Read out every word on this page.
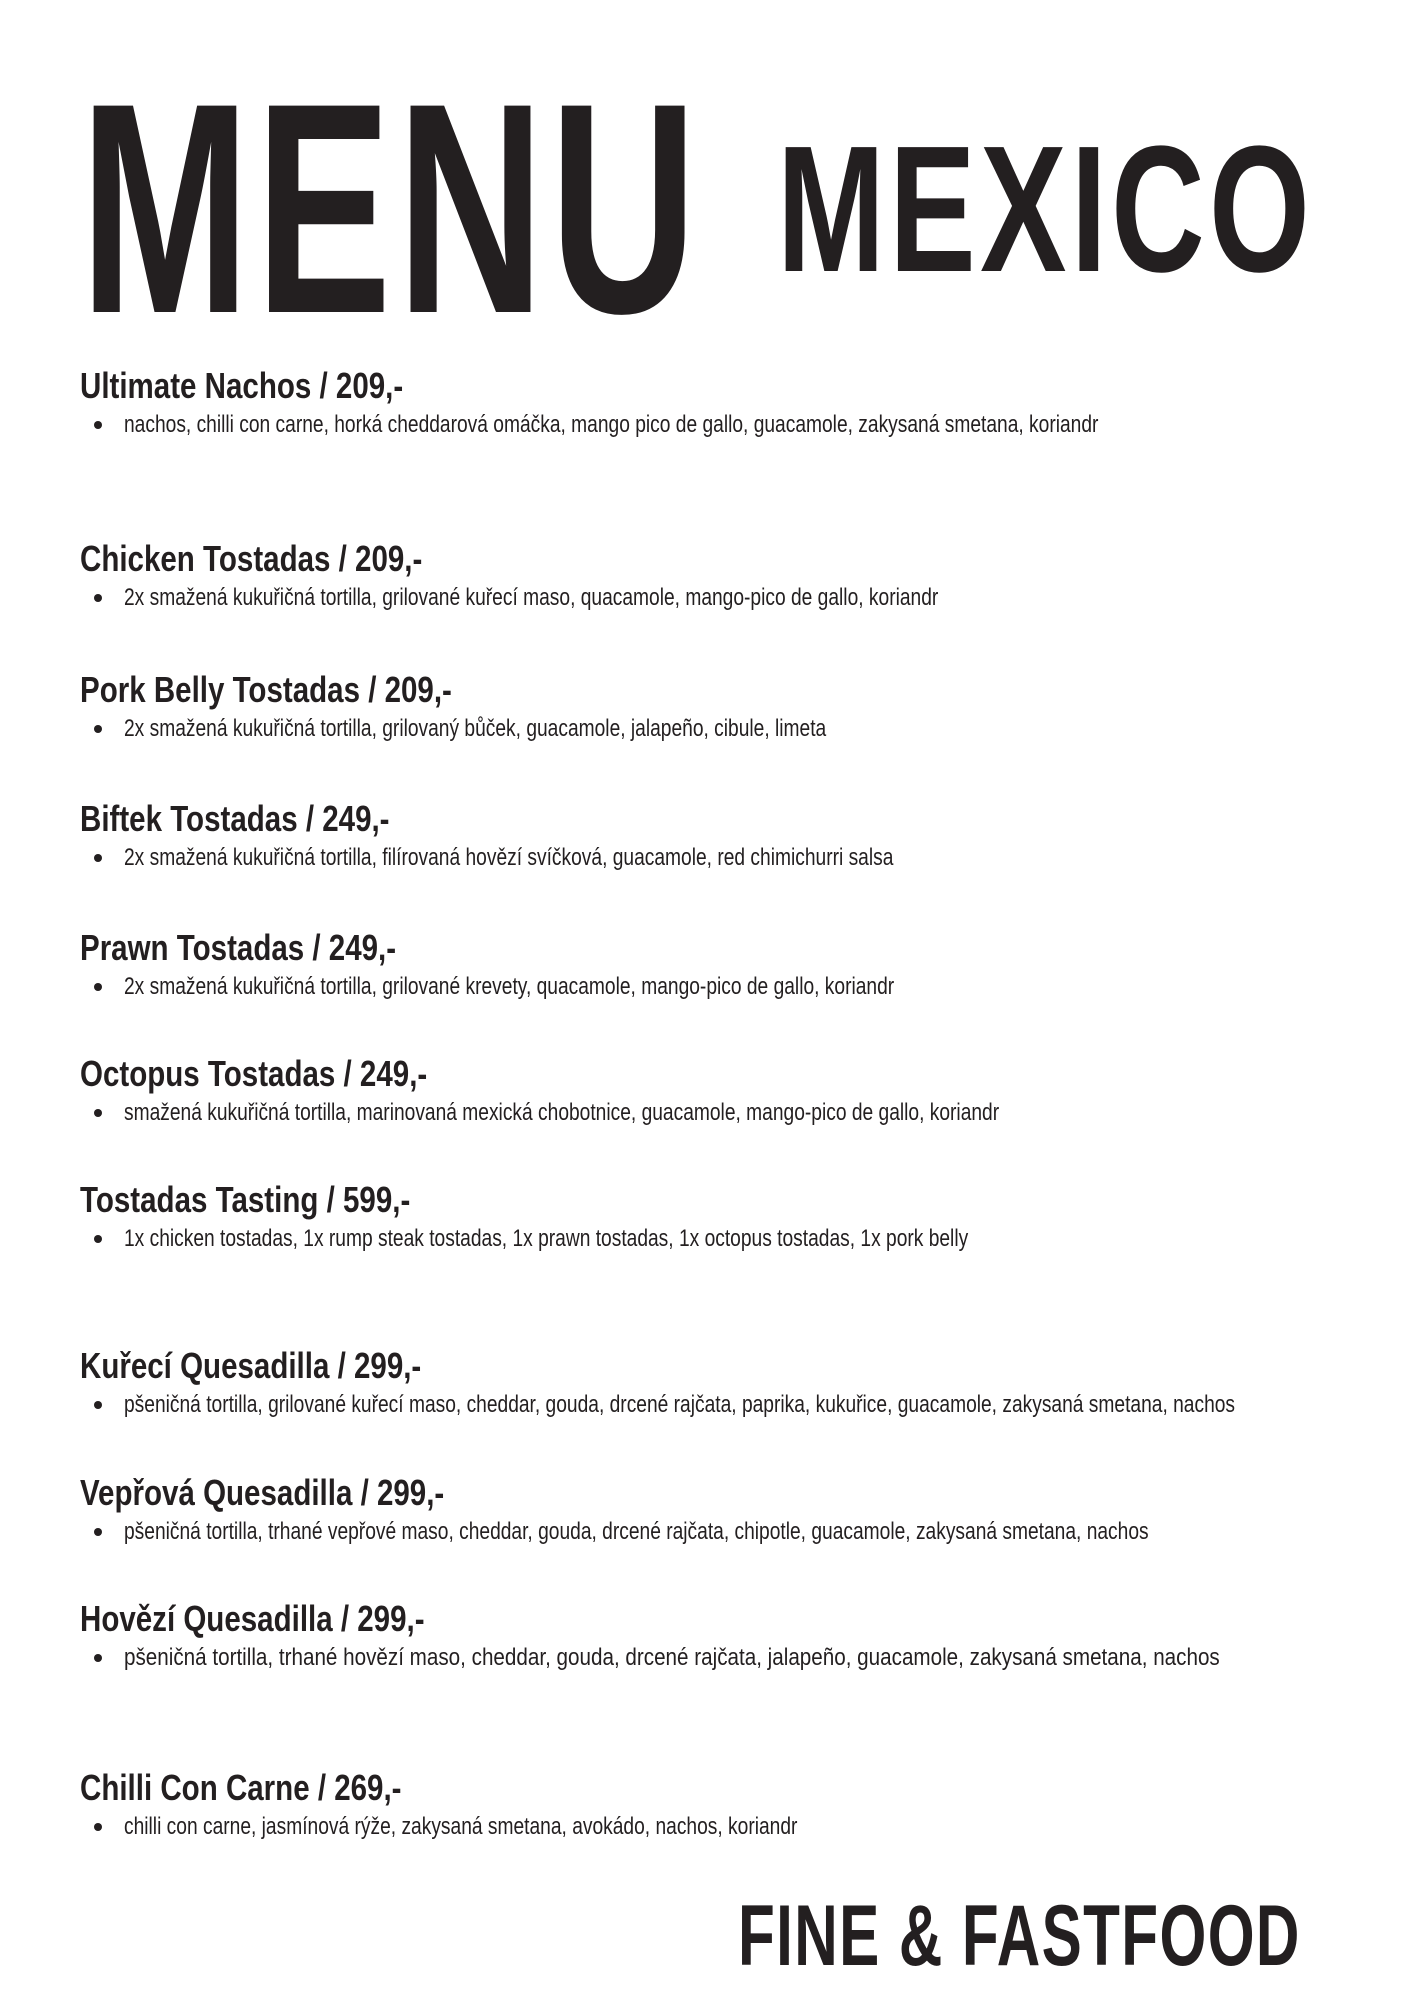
MENU MEXICO
Ultimate Nachos / 209,-
nachos, chilli con carne, horká cheddarová omáčka, mango pico de gallo, guacamole, zakysaná smetana, koriandr
Chicken Tostadas / 209,-
2x smažená kukuřičná tortilla, grilované kuřecí maso, quacamole, mango-pico de gallo, koriandr
Pork Belly Tostadas / 209,-
2x smažená kukuřičná tortilla, grilovaný bůček, guacamole, jalapeño, cibule, limeta
Biftek Tostadas / 249,-
2x smažená kukuřičná tortilla, filírovaná hovězí svíčková, guacamole, red chimichurri salsa
Prawn Tostadas / 249,-
2x smažená kukuřičná tortilla, grilované krevety, quacamole, mango-pico de gallo, koriandr
Octopus Tostadas / 249,-
smažená kukuřičná tortilla, marinovaná mexická chobotnice, guacamole, mango-pico de gallo, koriandr
Tostadas Tasting / 599,-
1x chicken tostadas, 1x rump steak tostadas, 1x prawn tostadas, 1x octopus tostadas, 1x pork belly
Kuřecí Quesadilla / 299,-
pšeničná tortilla, grilované kuřecí maso, cheddar, gouda, drcené rajčata, paprika, kukuřice, guacamole, zakysaná smetana, nachos
Vepřová Quesadilla / 299,-
pšeničná tortilla, trhané vepřové maso, cheddar, gouda, drcené rajčata, chipotle, guacamole, zakysaná smetana, nachos
Hovězí Quesadilla / 299,-
pšeničná tortilla, trhané hovězí maso, cheddar, gouda, drcené rajčata, jalapeño, guacamole, zakysaná smetana, nachos
Chilli Con Carne / 269,-
chilli con carne, jasmínová rýže, zakysaná smetana, avokádo, nachos, koriandr
FINE & FASTFOOD
